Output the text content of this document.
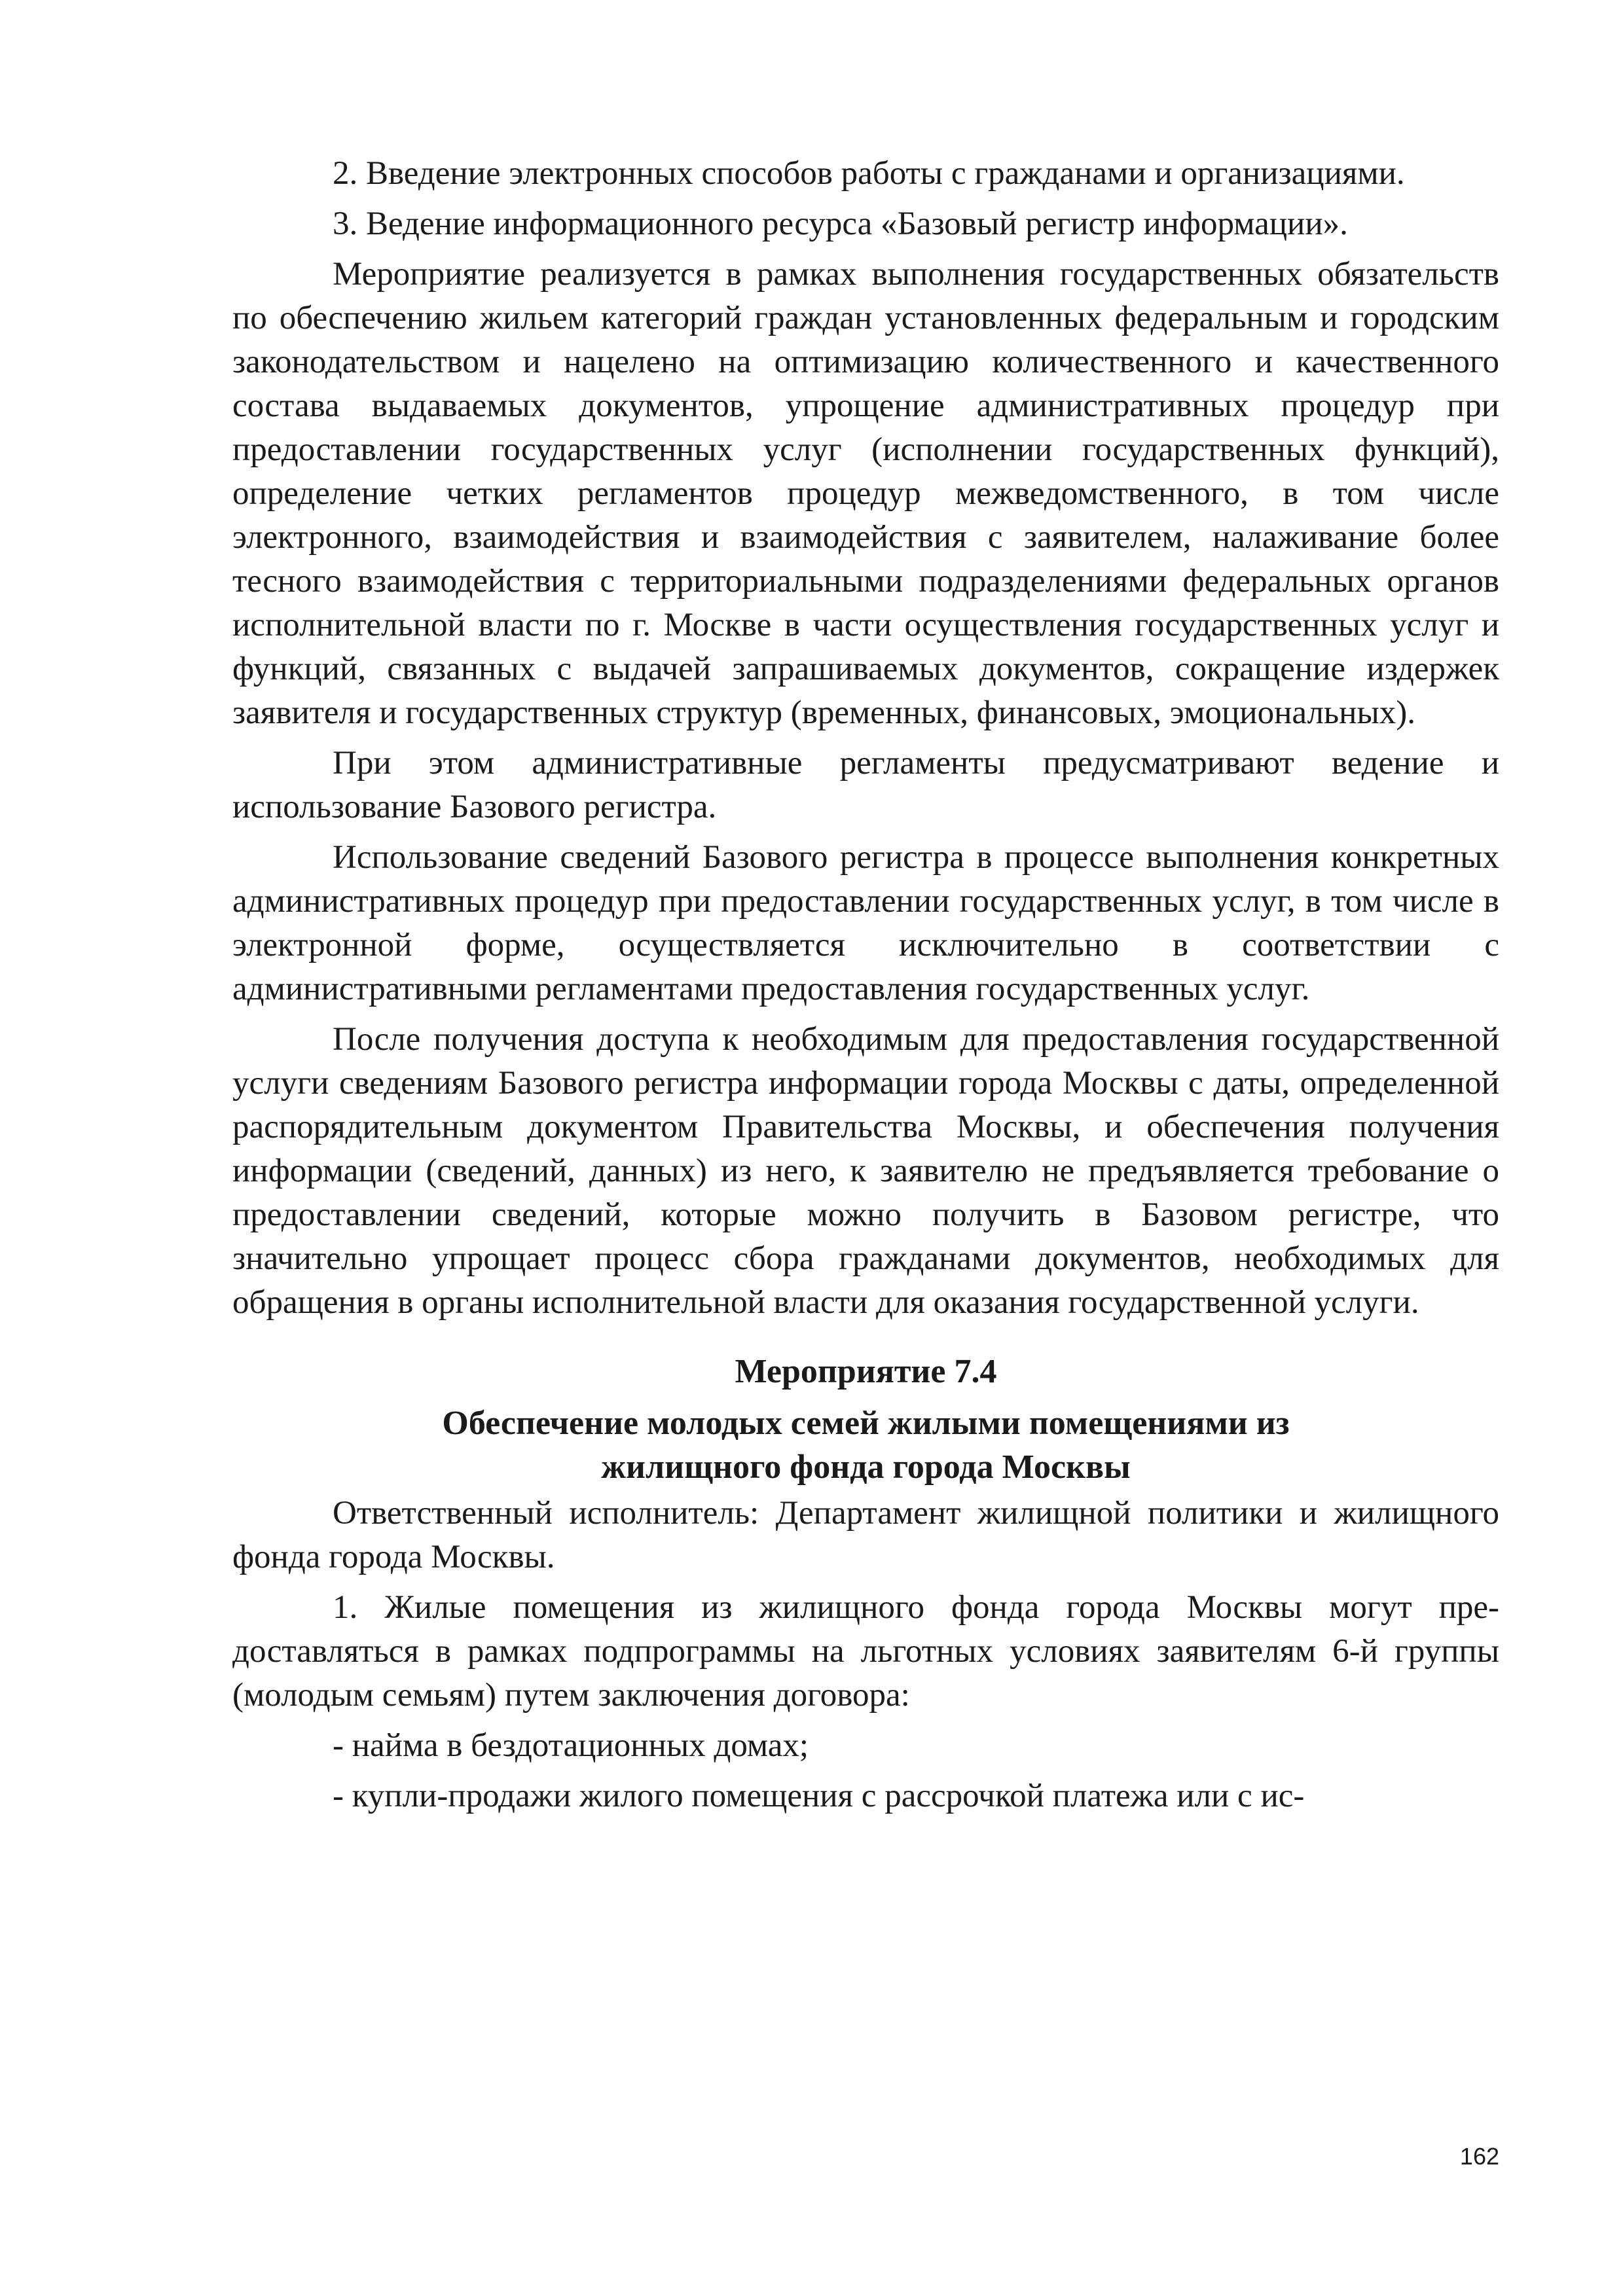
2. Введение электронных способов работы с гражданами и организациями.

3. Ведение информационного ресурса «Базовый регистр информации».

Мероприятие реализуется в рамках выполнения государственных обязательств по обеспечению жильем категорий граждан установленных федеральным и городским законодательством и нацелено на оптимизацию количественного и качественного состава выдаваемых документов, упрощение административных процедур при предоставлении государственных услуг (исполнении государственных функций), определение четких регламентов процедур межведомственного, в том числе электронного, взаимодействия и взаимодействия с заявителем, налаживание более тесного взаимодействия с территориальными подразделениями федеральных органов исполнительной власти по г. Москве в части осуществления государственных услуг и функций, связанных с выдачей запрашиваемых документов, сокращение издержек заявителя и государственных структур (временных, финансовых, эмоциональных).

При этом административные регламенты предусматривают ведение и использование Базового регистра.

Использование сведений Базового регистра в процессе выполнения конкретных административных процедур при предоставлении государственных услуг, в том числе в электронной форме, осуществляется исключительно в соответствии с административными регламентами предоставления государственных услуг.

После получения доступа к необходимым для предоставления государственной услуги сведениям Базового регистра информации города Москвы с даты, определенной распорядительным документом Правительства Москвы, и обеспечения получения информации (сведений, данных) из него, к заявителю не предъявляется требование о предоставлении сведений, которые можно получить в Базовом регистре, что значительно упрощает процесс сбора гражданами документов, необходимых для обращения в органы исполнительной власти для оказания государственной услуги.

Мероприятие 7.4

Обеспечение молодых семей жилыми помещениями из
жилищного фонда города Москвы

Ответственный исполнитель: Департамент жилищной политики и жилищного фонда города Москвы.

1. Жилые помещения из жилищного фонда города Москвы могут предоставляться в рамках подпрограммы на льготных условиях заявителям 6-й группы (молодым семьям) путем заключения договора:

- найма в бездотационных домах;

- купли-продажи жилого помещения с рассрочкой платежа или с ис-

162
